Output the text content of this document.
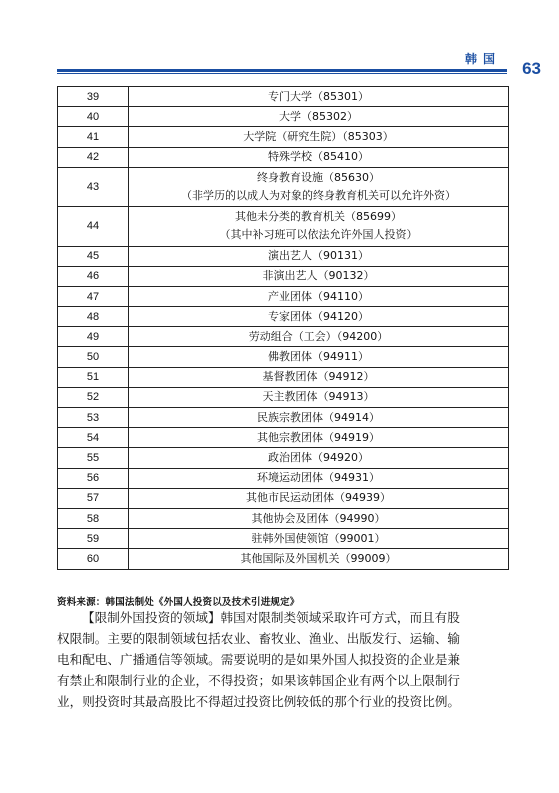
韩国 63
39	专门大学（85301）

40	大学（85302）

41	大学院（研究生院）（85303）

42	特殊学校（85410）

43	终身教育设施（85630）
（非学历的以成人为对象的终身教育机关可以允许外资）

44	其他未分类的教育机关（85699）
（其中补习班可以依法允许外国人投资）

45	演出艺人（90131）

46	非演出艺人（90132）

47	产业团体（94110）

48	专家团体（94120）

49	劳动组合（工会）（94200）

50	佛教团体（94911）

51	基督教团体（94912）

52	天主教团体（94913）

53	民族宗教团体（94914）

54	其他宗教团体（94919）

55	政治团体（94920）

56	环境运动团体（94931）

57	其他市民运动团体（94939）

58	其他协会及团体（94990）

59	驻韩外国使领馆（99001）

60	其他国际及外国机关（99009）
资料来源：韩国法制处《外国人投资以及技术引进规定》
【限制外国投资的领域】韩国对限制类领域采取许可方式，而且有股
权限制。主要的限制领域包括农业、畜牧业、渔业、出版发行、运输、输
电和配电、广播通信等领域。需要说明的是如果外国人拟投资的企业是兼
有禁止和限制行业的企业，不得投资；如果该韩国企业有两个以上限制行
业，则投资时其最高股比不得超过投资比例较低的那个行业的投资比例。
